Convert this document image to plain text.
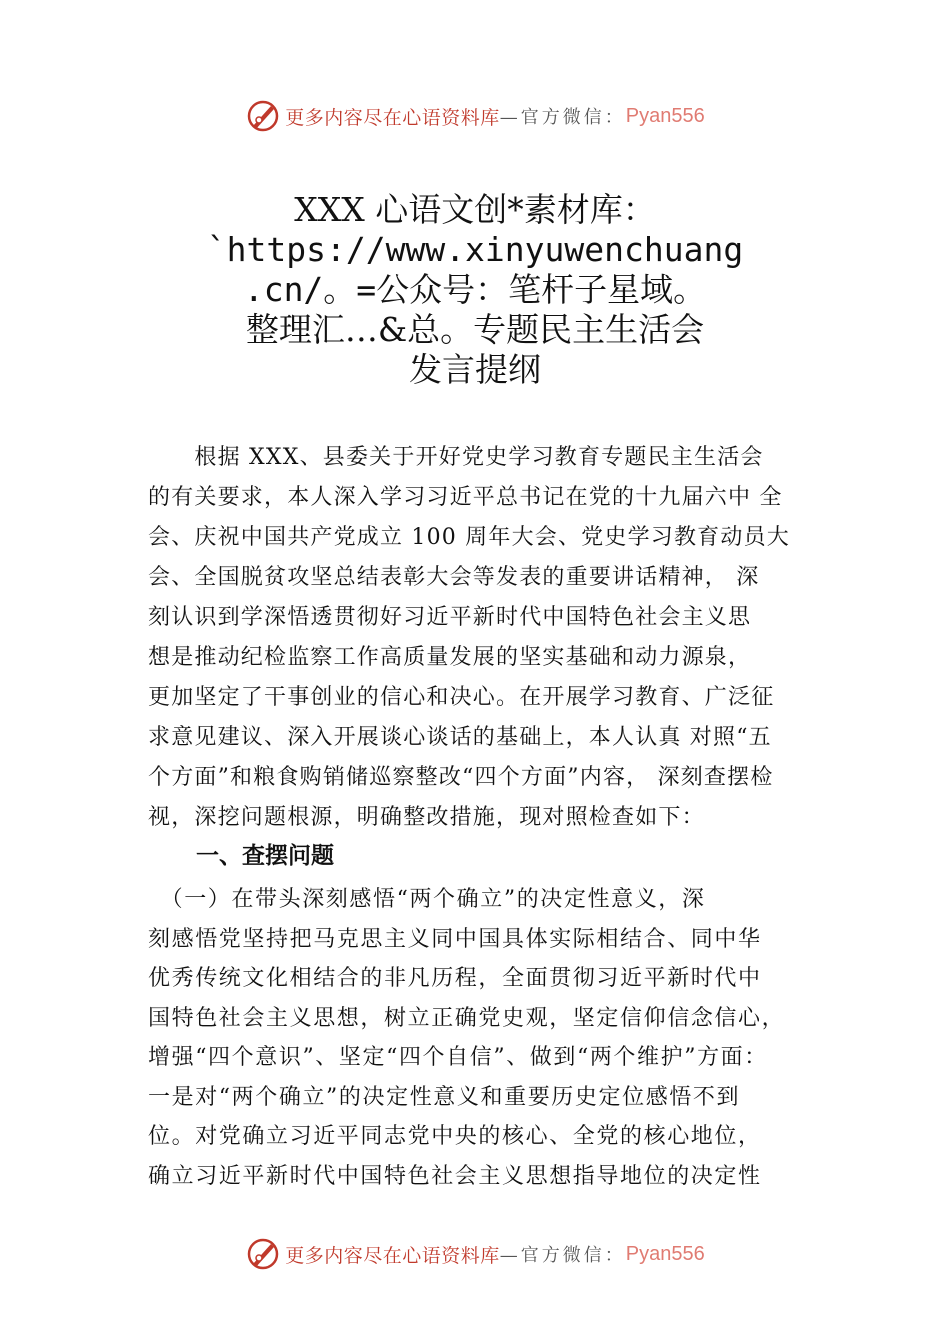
更多内容尽在心语资料库 —官方微信： Pyan556
XXX 心语文创*素材库：
`https://www.xinyuwenchuang
.cn/。=公众号：笔杆子星域。
整理汇…&总。专题民主生活会
发言提纲
　　根据 XXX、县委关于开好党史学习教育专题民主生活会
的有关要求，本人深入学习习近平总书记在党的十九届六中 全
会、庆祝中国共产党成立 100 周年大会、党史学习教育动员大
会、全国脱贫攻坚总结表彰大会等发表的重要讲话精神， 深
刻认识到学深悟透贯彻好习近平新时代中国特色社会主义思
想是推动纪检监察工作高质量发展的坚实基础和动力源泉，
更加坚定了干事创业的信心和决心。在开展学习教育、广泛征
求意见建议、深入开展谈心谈话的基础上，本人认真 对照“五
个方面”和粮食购销储巡察整改“四个方面”内容， 深刻查摆检
视，深挖问题根源，明确整改措施，现对照检查如下：
一、查摆问题
　（一）在带头深刻感悟“两个确立”的决定性意义，深
刻感悟党坚持把马克思主义同中国具体实际相结合、同中华
优秀传统文化相结合的非凡历程，全面贯彻习近平新时代中
国特色社会主义思想，树立正确党史观，坚定信仰信念信心，
增强“四个意识”、坚定“四个自信”、做到“两个维护”方面：
一是对“两个确立”的决定性意义和重要历史定位感悟不到
位。对党确立习近平同志党中央的核心、全党的核心地位，
确立习近平新时代中国特色社会主义思想指导地位的决定性
更多内容尽在心语资料库 —官方微信： Pyan556
